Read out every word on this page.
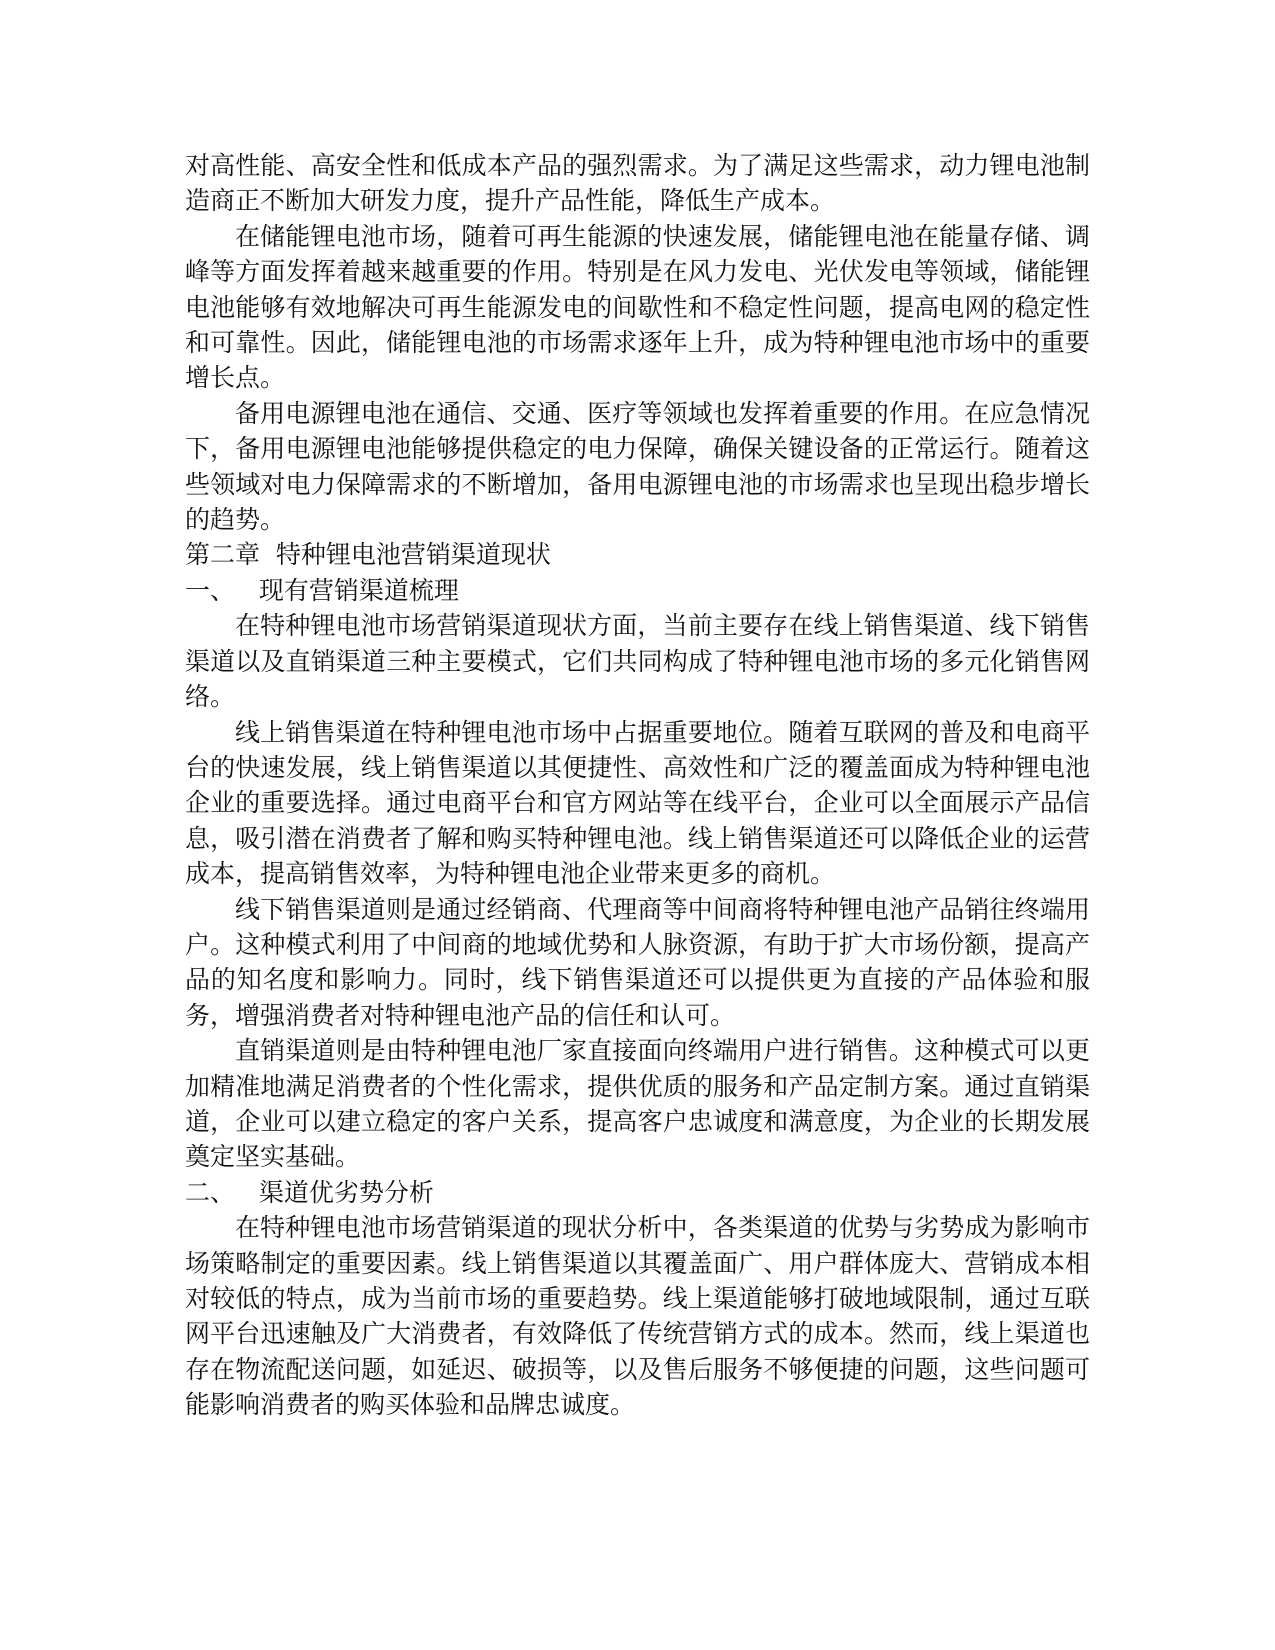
对高性能、高安全性和低成本产品的强烈需求。为了满足这些需求，动力锂电池制造商正不断加大研发力度，提升产品性能，降低生产成本。

在储能锂电池市场，随着可再生能源的快速发展，储能锂电池在能量存储、调峰等方面发挥着越来越重要的作用。特别是在风力发电、光伏发电等领域，储能锂电池能够有效地解决可再生能源发电的间歇性和不稳定性问题，提高电网的稳定性和可靠性。因此，储能锂电池的市场需求逐年上升，成为特种锂电池市场中的重要增长点。

备用电源锂电池在通信、交通、医疗等领域也发挥着重要的作用。在应急情况下，备用电源锂电池能够提供稳定的电力保障，确保关键设备的正常运行。随着这些领域对电力保障需求的不断增加，备用电源锂电池的市场需求也呈现出稳步增长的趋势。

第二章  特种锂电池营销渠道现状

一、   现有营销渠道梳理

在特种锂电池市场营销渠道现状方面，当前主要存在线上销售渠道、线下销售渠道以及直销渠道三种主要模式，它们共同构成了特种锂电池市场的多元化销售网络。

线上销售渠道在特种锂电池市场中占据重要地位。随着互联网的普及和电商平台的快速发展，线上销售渠道以其便捷性、高效性和广泛的覆盖面成为特种锂电池企业的重要选择。通过电商平台和官方网站等在线平台，企业可以全面展示产品信息，吸引潜在消费者了解和购买特种锂电池。线上销售渠道还可以降低企业的运营成本，提高销售效率，为特种锂电池企业带来更多的商机。

线下销售渠道则是通过经销商、代理商等中间商将特种锂电池产品销往终端用户。这种模式利用了中间商的地域优势和人脉资源，有助于扩大市场份额，提高产品的知名度和影响力。同时，线下销售渠道还可以提供更为直接的产品体验和服务，增强消费者对特种锂电池产品的信任和认可。

直销渠道则是由特种锂电池厂家直接面向终端用户进行销售。这种模式可以更加精准地满足消费者的个性化需求，提供优质的服务和产品定制方案。通过直销渠道，企业可以建立稳定的客户关系，提高客户忠诚度和满意度，为企业的长期发展奠定坚实基础。

二、   渠道优劣势分析

在特种锂电池市场营销渠道的现状分析中，各类渠道的优势与劣势成为影响市场策略制定的重要因素。线上销售渠道以其覆盖面广、用户群体庞大、营销成本相对较低的特点，成为当前市场的重要趋势。线上渠道能够打破地域限制，通过互联网平台迅速触及广大消费者，有效降低了传统营销方式的成本。然而，线上渠道也存在物流配送问题，如延迟、破损等，以及售后服务不够便捷的问题，这些问题可能影响消费者的购买体验和品牌忠诚度。
